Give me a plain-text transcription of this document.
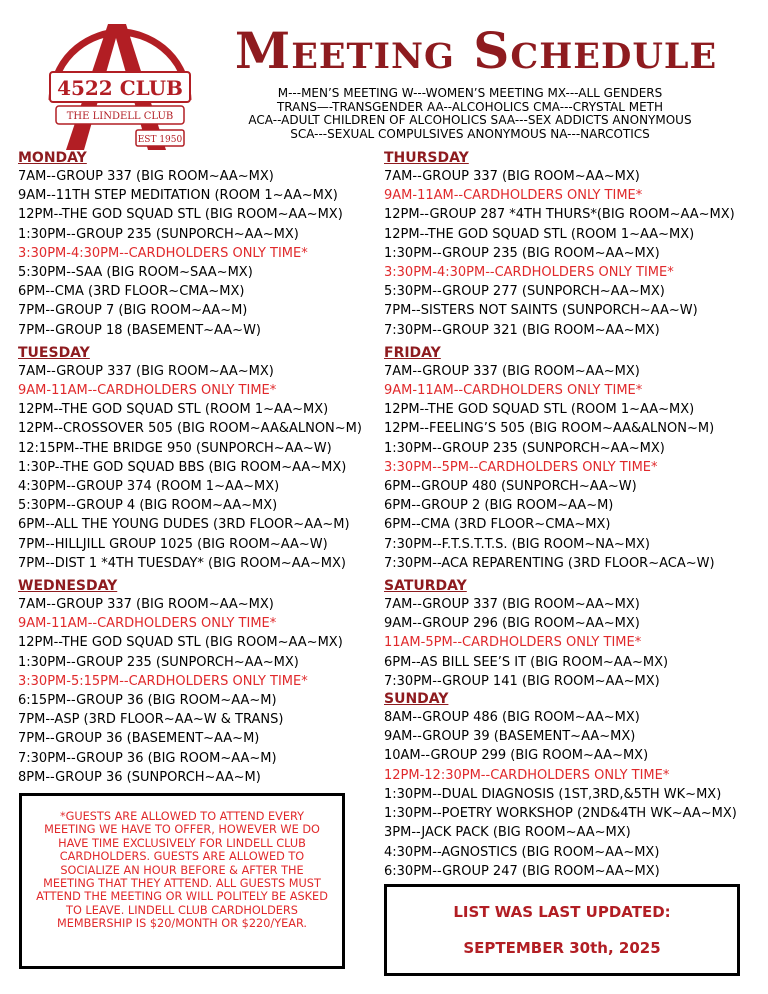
4522 CLUB
THE LINDELL CLUB
EST 1950
Meeting Schedule
M---MEN’S MEETING W---WOMEN’S MEETING MX---ALL GENDERS
TRANS—-TRANSGENDER AA--ALCOHOLICS CMA---CRYSTAL METH
ACA--ADULT CHILDREN OF ALCOHOLICS SAA---SEX ADDICTS ANONYMOUS
SCA---SEXUAL COMPULSIVES ANONYMOUS NA---NARCOTICS
MONDAY
7AM--GROUP 337 (BIG ROOM~AA~MX)
9AM--11TH STEP MEDITATION (ROOM 1~AA~MX)
12PM--THE GOD SQUAD STL (BIG ROOM~AA~MX)
1:30PM--GROUP 235 (SUNPORCH~AA~MX)
3:30PM-4:30PM--CARDHOLDERS ONLY TIME*
5:30PM--SAA (BIG ROOM~SAA~MX)
6PM--CMA (3RD FLOOR~CMA~MX)
7PM--GROUP 7 (BIG ROOM~AA~M)
7PM--GROUP 18 (BASEMENT~AA~W)
TUESDAY
7AM--GROUP 337 (BIG ROOM~AA~MX)
9AM-11AM--CARDHOLDERS ONLY TIME*
12PM--THE GOD SQUAD STL (ROOM 1~AA~MX)
12PM--CROSSOVER 505 (BIG ROOM~AA&ALNON~M)
12:15PM--THE BRIDGE 950 (SUNPORCH~AA~W)
1:30P--THE GOD SQUAD BBS (BIG ROOM~AA~MX)
4:30PM--GROUP 374 (ROOM 1~AA~MX)
5:30PM--GROUP 4 (BIG ROOM~AA~MX)
6PM--ALL THE YOUNG DUDES (3RD FLOOR~AA~M)
7PM--HILLJILL GROUP 1025 (BIG ROOM~AA~W)
7PM--DIST 1 *4TH TUESDAY* (BIG ROOM~AA~MX)
WEDNESDAY
7AM--GROUP 337 (BIG ROOM~AA~MX)
9AM-11AM--CARDHOLDERS ONLY TIME*
12PM--THE GOD SQUAD STL (BIG ROOM~AA~MX)
1:30PM--GROUP 235 (SUNPORCH~AA~MX)
3:30PM-5:15PM--CARDHOLDERS ONLY TIME*
6:15PM--GROUP 36 (BIG ROOM~AA~M)
7PM--ASP (3RD FLOOR~AA~W & TRANS)
7PM--GROUP 36 (BASEMENT~AA~M)
7:30PM--GROUP 36 (BIG ROOM~AA~M)
8PM--GROUP 36 (SUNPORCH~AA~M)
THURSDAY
7AM--GROUP 337 (BIG ROOM~AA~MX)
9AM-11AM--CARDHOLDERS ONLY TIME*
12PM--GROUP 287 *4TH THURS*(BIG ROOM~AA~MX)
12PM--THE GOD SQUAD STL (ROOM 1~AA~MX)
1:30PM--GROUP 235 (BIG ROOM~AA~MX)
3:30PM-4:30PM--CARDHOLDERS ONLY TIME*
5:30PM--GROUP 277 (SUNPORCH~AA~MX)
7PM--SISTERS NOT SAINTS (SUNPORCH~AA~W)
7:30PM--GROUP 321 (BIG ROOM~AA~MX)
FRIDAY
7AM--GROUP 337 (BIG ROOM~AA~MX)
9AM-11AM--CARDHOLDERS ONLY TIME*
12PM--THE GOD SQUAD STL (ROOM 1~AA~MX)
12PM--FEELING’S 505 (BIG ROOM~AA&ALNON~M)
1:30PM--GROUP 235 (SUNPORCH~AA~MX)
3:30PM--5PM--CARDHOLDERS ONLY TIME*
6PM--GROUP 480 (SUNPORCH~AA~W)
6PM--GROUP 2 (BIG ROOM~AA~M)
6PM--CMA (3RD FLOOR~CMA~MX)
7:30PM--F.T.S.T.T.S. (BIG ROOM~NA~MX)
7:30PM--ACA REPARENTING (3RD FLOOR~ACA~W)
SATURDAY
7AM--GROUP 337 (BIG ROOM~AA~MX)
9AM--GROUP 296 (BIG ROOM~AA~MX)
11AM-5PM--CARDHOLDERS ONLY TIME*
6PM--AS BILL SEE’S IT (BIG ROOM~AA~MX)
7:30PM--GROUP 141 (BIG ROOM~AA~MX)
SUNDAY
8AM--GROUP 486 (BIG ROOM~AA~MX)
9AM--GROUP 39 (BASEMENT~AA~MX)
10AM--GROUP 299 (BIG ROOM~AA~MX)
12PM-12:30PM--CARDHOLDERS ONLY TIME*
1:30PM--DUAL DIAGNOSIS (1ST,3RD,&5TH WK~MX)
1:30PM--POETRY WORKSHOP (2ND&4TH WK~AA~MX)
3PM--JACK PACK (BIG ROOM~AA~MX)
4:30PM--AGNOSTICS (BIG ROOM~AA~MX)
6:30PM--GROUP 247 (BIG ROOM~AA~MX)
*GUESTS ARE ALLOWED TO ATTEND EVERY MEETING WE HAVE TO OFFER, HOWEVER WE DO HAVE TIME EXCLUSIVELY FOR LINDELL CLUB CARDHOLDERS. GUESTS ARE ALLOWED TO SOCIALIZE AN HOUR BEFORE & AFTER THE MEETING THAT THEY ATTEND. ALL GUESTS MUST ATTEND THE MEETING OR WILL POLITELY BE ASKED TO LEAVE. LINDELL CLUB CARDHOLDERS MEMBERSHIP IS $20/MONTH OR $220/YEAR.
LIST WAS LAST UPDATED:
SEPTEMBER 30th, 2025
